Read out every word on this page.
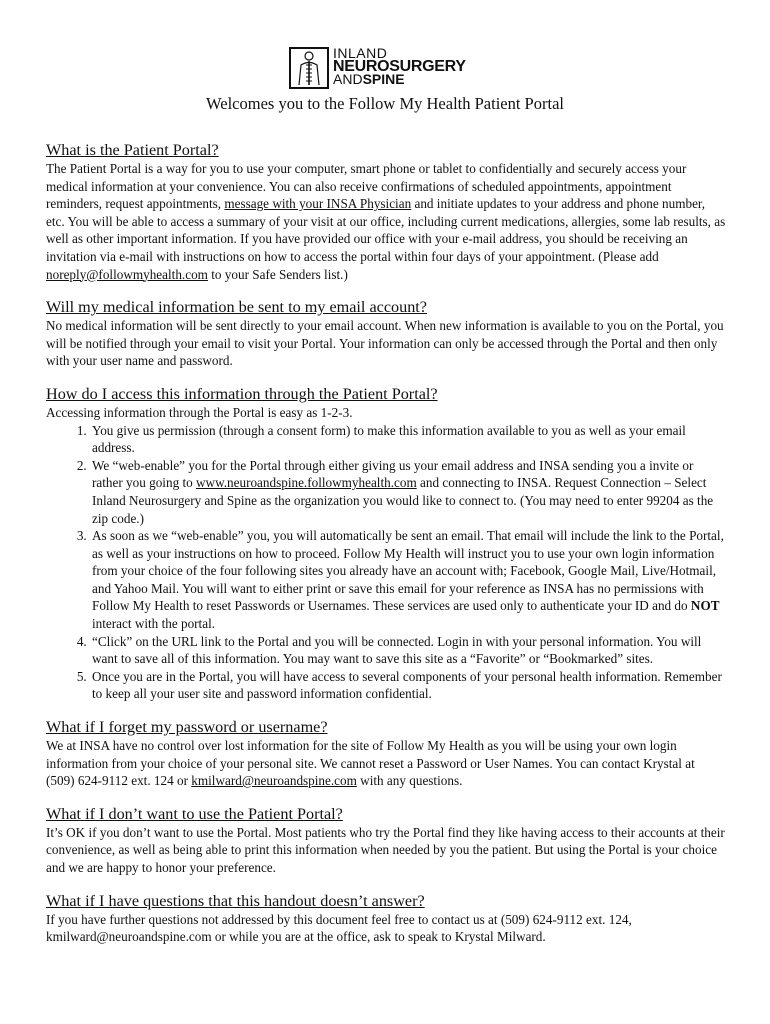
INLAND
NEUROSURGERY
ANDSPINE
Welcomes you to the Follow My Health Patient Portal
What is the Patient Portal?

The Patient Portal is a way for you to use your computer, smart phone or tablet to confidentially and securely access your medical information at your convenience. You can also receive confirmations of scheduled appointments, appointment reminders, request appointments, message with your INSA Physician and initiate updates to your address and phone number, etc. You will be able to access a summary of your visit at our office, including current medications, allergies, some lab results, as well as other important information. If you have provided our office with your e-mail address, you should be receiving an invitation via e-mail with instructions on how to access the portal within four days of your appointment. (Please add noreply@followmyhealth.com to your Safe Senders list.)

Will my medical information be sent to my email account?

No medical information will be sent directly to your email account. When new information is available to you on the Portal, you will be notified through your email to visit your Portal. Your information can only be accessed through the Portal and then only with your user name and password.

How do I access this information through the Patient Portal?

Accessing information through the Portal is easy as 1-2-3.

1. You give us permission (through a consent form) to make this information available to you as well as your email address.
2. We “web-enable” you for the Portal through either giving us your email address and INSA sending you a invite or rather you going to www.neuroandspine.followmyhealth.com and connecting to INSA. Request Connection – Select Inland Neurosurgery and Spine as the organization you would like to connect to. (You may need to enter 99204 as the zip code.)
3. As soon as we “web-enable” you, you will automatically be sent an email. That email will include the link to the Portal, as well as your instructions on how to proceed. Follow My Health will instruct you to use your own login information from your choice of the four following sites you already have an account with; Facebook, Google Mail, Live/Hotmail, and Yahoo Mail. You will want to either print or save this email for your reference as INSA has no permissions with Follow My Health to reset Passwords or Usernames. These services are used only to authenticate your ID and do NOT interact with the portal.
4. “Click” on the URL link to the Portal and you will be connected. Login in with your personal information. You will want to save all of this information. You may want to save this site as a “Favorite” or “Bookmarked” sites.
5. Once you are in the Portal, you will have access to several components of your personal health information. Remember to keep all your user site and password information confidential.
What if I forget my password or username?

We at INSA have no control over lost information for the site of Follow My Health as you will be using your own login information from your choice of your personal site. We cannot reset a Password or User Names. You can contact Krystal at (509) 624-9112 ext. 124 or kmilward@neuroandspine.com with any questions.

What if I don’t want to use the Patient Portal?

It’s OK if you don’t want to use the Portal. Most patients who try the Portal find they like having access to their accounts at their convenience, as well as being able to print this information when needed by you the patient. But using the Portal is your choice and we are happy to honor your preference.

What if I have questions that this handout doesn’t answer?

If you have further questions not addressed by this document feel free to contact us at (509) 624-9112 ext. 124, kmilward@neuroandspine.com or while you are at the office, ask to speak to Krystal Milward.
